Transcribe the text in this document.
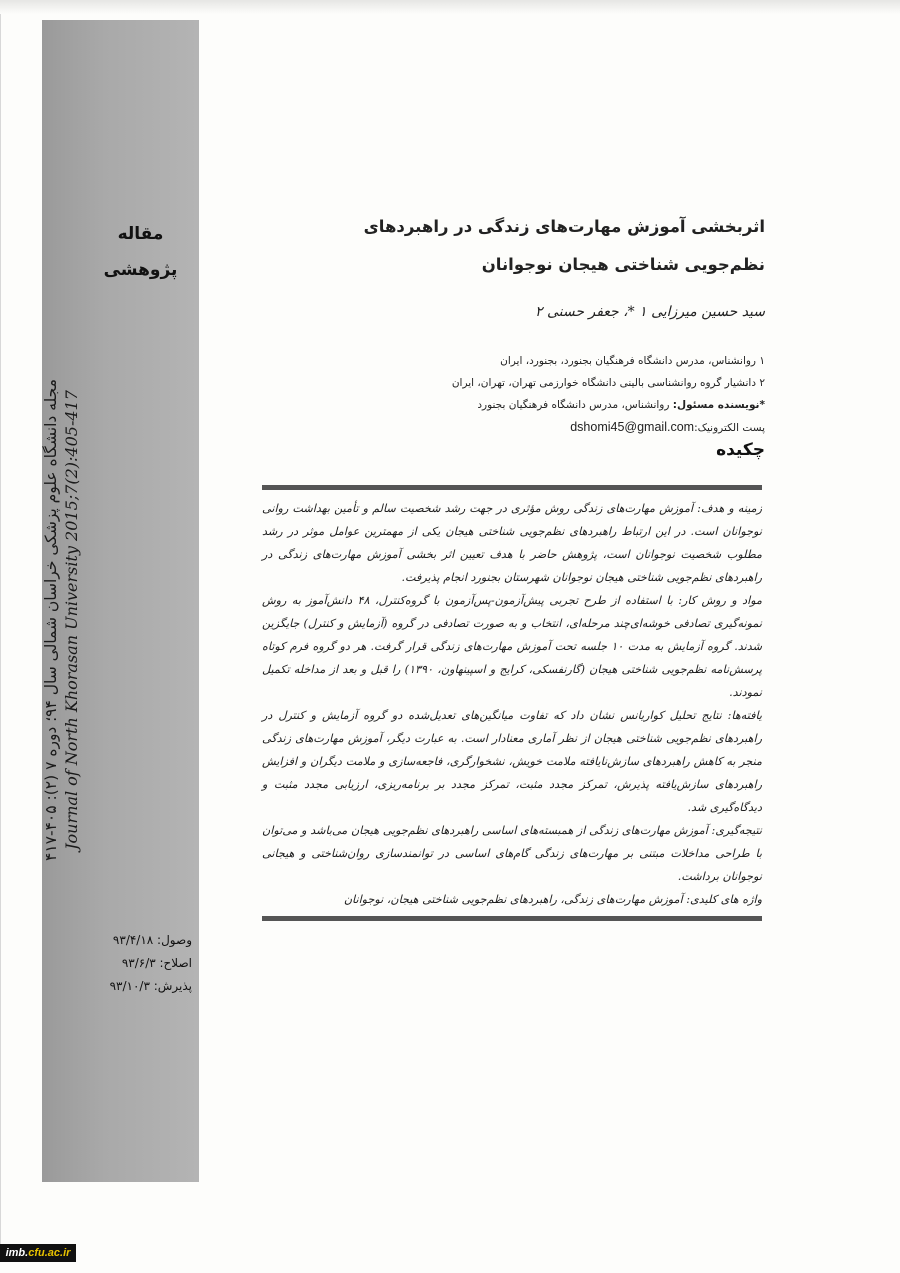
مقاله
پژوهشی
مجله دانشگاه علوم پزشکی خراسان شمالی سال ۹۴؛ دوره ۷ (۲): ۴۰۵-۴۱۷ Journal of North Khorasan University 2015;7(2):405-417
وصول: ۹۳/۴/۱۸
اصلاح: ۹۳/۶/۳
پذیرش: ۹۳/۱۰/۳
اثربخشی آموزش مهارت‌های زندگی در راهبردهای نظم‌جویی شناختی هیجان نوجوانان
سید حسین میرزایی ۱ *، جعفر حسنی ۲
۱ روانشناس، مدرس دانشگاه فرهنگیان بجنورد، بجنورد، ایران
۲ دانشیار گروه روانشناسی بالینی دانشگاه خوارزمی تهران، تهران، ایران
*نویسنده مسئول: روانشناس، مدرس دانشگاه فرهنگیان بجنورد
پست الکترونیک:dshomi45@gmail.com
چکیده

زمینه و هدف: آموزش مهارت‌های زندگی روش مؤثری در جهت رشد شخصیت سالم و تأمین بهداشت روانی نوجوانان است. در این ارتباط راهبردهای نظم‌جویی شناختی هیجان یکی از مهمترین عوامل موثر در رشد مطلوب شخصیت نوجوانان است، پژوهش حاضر با هدف تعیین اثر بخشی آموزش مهارت‌های زندگی در راهبردهای نظم‌جویی شناختی هیجان نوجوانان شهرستان بجنورد انجام پذیرفت.

مواد و روش کار: با استفاده از طرح تجربی پیش‌آزمون-پس‌آزمون با گروه‌کنترل، ۴۸ دانش‌آموز به روش نمونه‌گیری تصادفی خوشه‌ای‌چند مرحله‌ای، انتخاب و به صورت تصادفی در گروه (آزمایش و کنترل) جایگزین شدند. گروه آزمایش به مدت ۱۰ جلسه تحت آموزش مهارت‌های زندگی قرار گرفت. هر دو گروه فرم کوتاه پرسش‌نامه نظم‌جویی شناختی هیجان (گارنفسکی، کرایج و اسپینهاون، ۱۳۹۰) را قبل و بعد از مداخله تکمیل نمودند.

یافته‌ها: نتایج تحلیل کواریانس نشان داد که تفاوت میانگین‌های تعدیل‌شده دو گروه آزمایش و کنترل در راهبردهای نظم‌جویی شناختی هیجان از نظر آماری معنادار است. به عبارت دیگر، آموزش مهارت‌های زندگی منجر به کاهش راهبردهای سازش‌نایافته ملامت خویش، نشخوارگری، فاجعه‌سازی و ملامت دیگران و افزایش راهبردهای سازش‌یافته پذیرش، تمرکز مجدد مثبت، تمرکز مجدد بر برنامه‌ریزی، ارزیابی مجدد مثبت و دیدگاه‌گیری شد.

نتیجه‌گیری: آموزش مهارت‌های زندگی از همبسته‌های اساسی راهبردهای نظم‌جویی هیجان می‌باشد و می‌توان با طراحی مداخلات مبتنی بر مهارت‌های زندگی گام‌های اساسی در توانمندسازی روان‌شناختی و هیجانی نوجوانان برداشت.

واژه های کلیدی: آموزش مهارت‌های زندگی، راهبردهای نظم‌جویی شناختی هیجان، نوجوانان

imb.cfu.ac.ir
